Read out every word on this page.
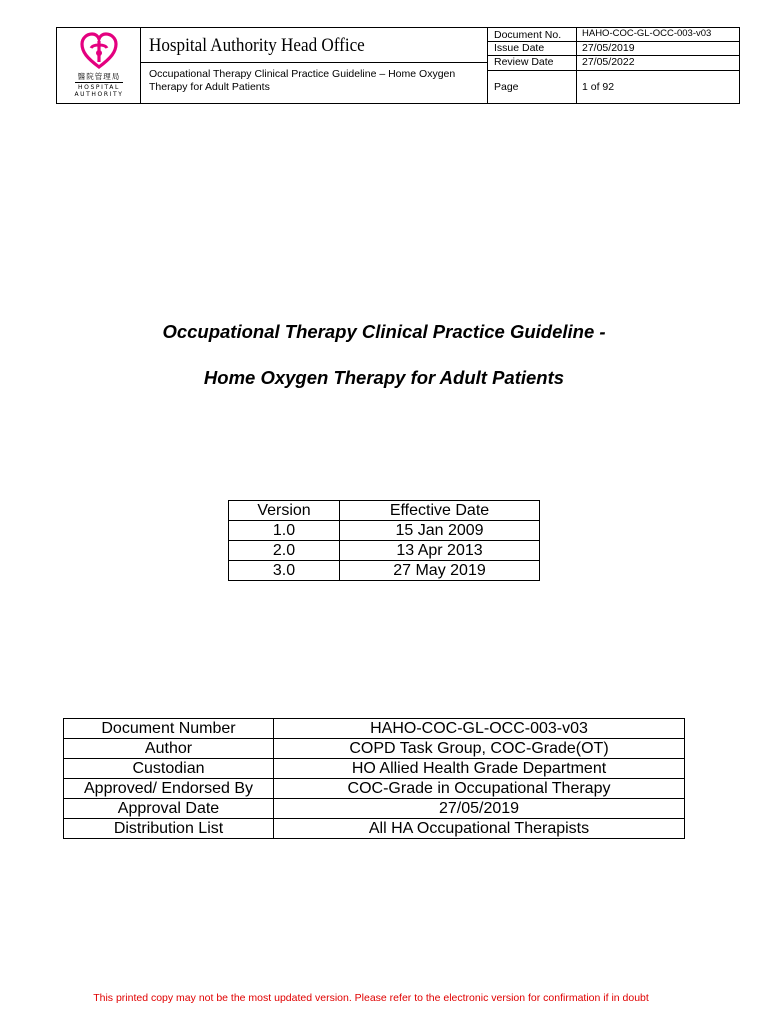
醫院管理局
HOSPITAL
AUTHORITY
Hospital Authority Head Office
Occupational Therapy Clinical Practice Guideline – Home Oxygen Therapy for Adult Patients
Document No. HAHO-COC-GL-OCC-003-v03
Issue Date	27/05/2019
Review Date	27/05/2022
Page	1 of 92
Occupational Therapy Clinical Practice Guideline -
Home Oxygen Therapy for Adult Patients
Version	Effective Date
1.0	15 Jan 2009
2.0	13 Apr 2013
3.0	27 May 2019
Document Number	HAHO-COC-GL-OCC-003-v03
Author	COPD Task Group, COC-Grade(OT)
Custodian	HO Allied Health Grade Department
Approved/ Endorsed By	COC-Grade in Occupational Therapy
Approval Date	27/05/2019
Distribution List	All HA Occupational Therapists
This printed copy may not be the most updated version. Please refer to the electronic version for confirmation if in doubt
